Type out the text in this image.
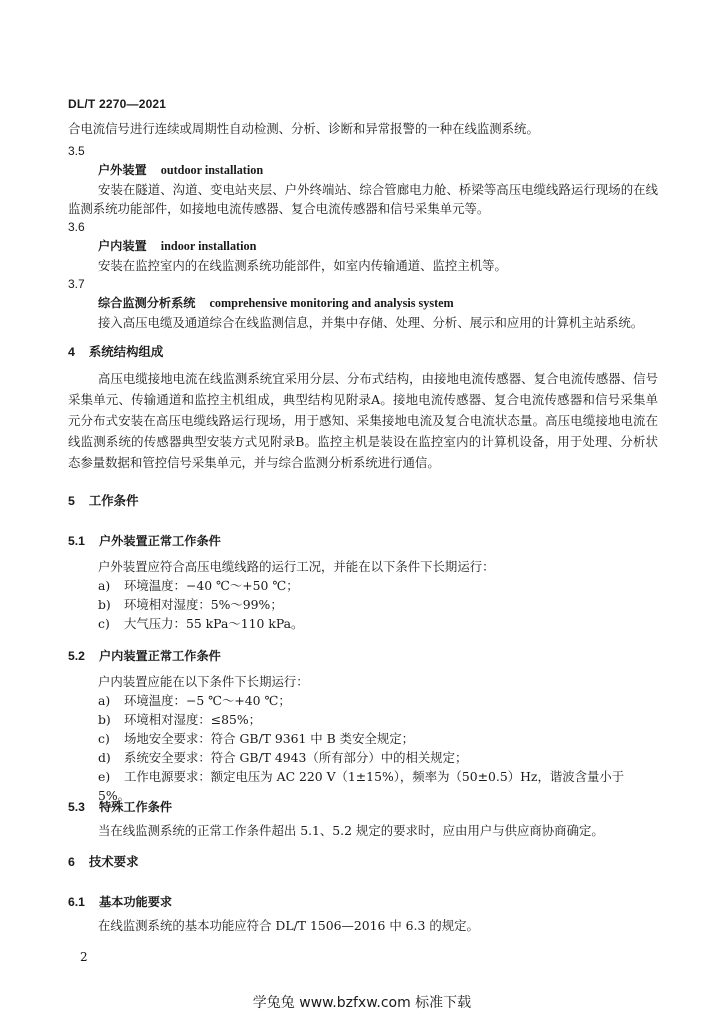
DL/T 2270—2021
合电流信号进行连续或周期性自动检测、分析、诊断和异常报警的一种在线监测系统。
3.5
户外装置 outdoor installation
安装在隧道、沟道、变电站夹层、户外终端站、综合管廊电力舱、桥梁等高压电缆线路运行现场的在线监测系统功能部件，如接地电流传感器、复合电流传感器和信号采集单元等。
3.6
户内装置 indoor installation
安装在监控室内的在线监测系统功能部件，如室内传输通道、监控主机等。
3.7
综合监测分析系统 comprehensive monitoring and analysis system
接入高压电缆及通道综合在线监测信息，并集中存储、处理、分析、展示和应用的计算机主站系统。
4 系统结构组成
高压电缆接地电流在线监测系统宜采用分层、分布式结构，由接地电流传感器、复合电流传感器、信号采集单元、传输通道和监控主机组成，典型结构见附录A。接地电流传感器、复合电流传感器和信号采集单元分布式安装在高压电缆线路运行现场，用于感知、采集接地电流及复合电流状态量。高压电缆接地电流在线监测系统的传感器典型安装方式见附录B。监控主机是装设在监控室内的计算机设备，用于处理、分析状态参量数据和管控信号采集单元，并与综合监测分析系统进行通信。
5 工作条件
5.1 户外装置正常工作条件
户外装置应符合高压电缆线路的运行工况，并能在以下条件下长期运行：
a) 环境温度：−40 ℃～+50 ℃；
b) 环境相对湿度：5%～99%；
c) 大气压力：55 kPa～110 kPa。
5.2 户内装置正常工作条件
户内装置应能在以下条件下长期运行：
a) 环境温度：−5 ℃～+40 ℃；
b) 环境相对湿度：≤85%；
c) 场地安全要求：符合 GB/T 9361 中 B 类安全规定；
d) 系统安全要求：符合 GB/T 4943（所有部分）中的相关规定；
e) 工作电源要求：额定电压为 AC 220 V（1±15%），频率为（50±0.5）Hz，谐波含量小于 5%。
5.3 特殊工作条件
当在线监测系统的正常工作条件超出 5.1、5.2 规定的要求时，应由用户与供应商协商确定。
6 技术要求
6.1 基本功能要求
在线监测系统的基本功能应符合 DL/T 1506—2016 中 6.3 的规定。
2
学兔兔 www.bzfxw.com 标准下载
